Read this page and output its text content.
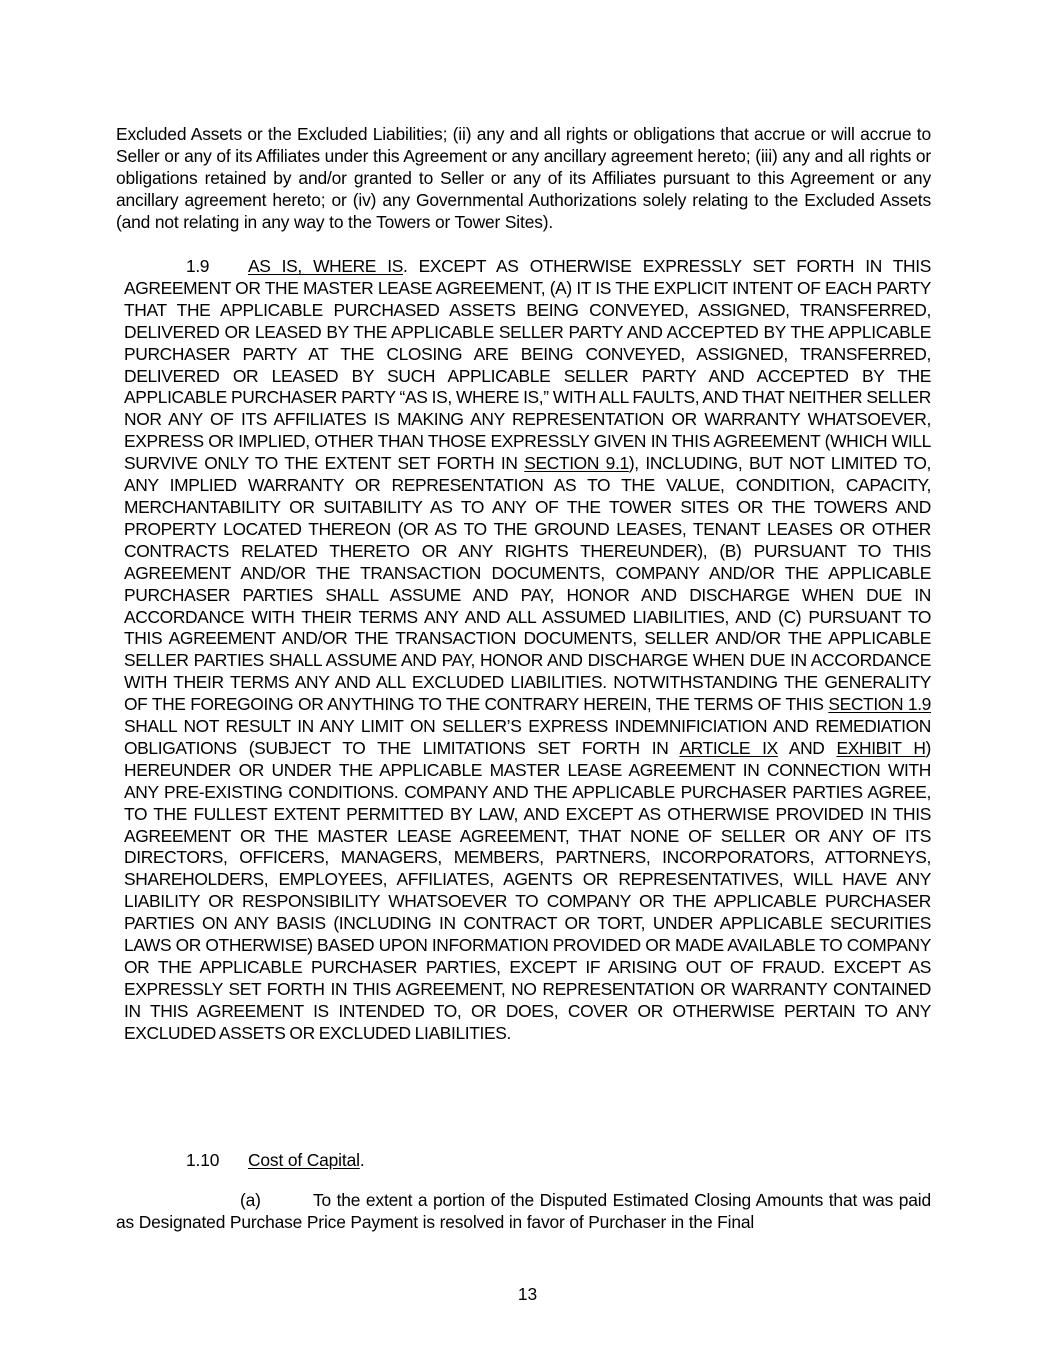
Excluded Assets or the Excluded Liabilities; (ii) any and all rights or obligations that accrue or will accrue to Seller or any of its Affiliates under this Agreement or any ancillary agreement hereto; (iii) any and all rights or obligations retained by and/or granted to Seller or any of its Affiliates pursuant to this Agreement or any ancillary agreement hereto; or (iv) any Governmental Authorizations solely relating to the Excluded Assets (and not relating in any way to the Towers or Tower Sites).

1.9 AS IS, WHERE IS. EXCEPT AS OTHERWISE EXPRESSLY SET FORTH IN THIS AGREEMENT OR THE MASTER LEASE AGREEMENT, (A) IT IS THE EXPLICIT INTENT OF EACH PARTY THAT THE APPLICABLE PURCHASED ASSETS BEING CONVEYED, ASSIGNED, TRANSFERRED, DELIVERED OR LEASED BY THE APPLICABLE SELLER PARTY AND ACCEPTED BY THE APPLICABLE PURCHASER PARTY AT THE CLOSING ARE BEING CONVEYED, ASSIGNED, TRANSFERRED, DELIVERED OR LEASED BY SUCH APPLICABLE SELLER PARTY AND ACCEPTED BY THE APPLICABLE PURCHASER PARTY “AS IS, WHERE IS,” WITH ALL FAULTS, AND THAT NEITHER SELLER NOR ANY OF ITS AFFILIATES IS MAKING ANY REPRESENTATION OR WARRANTY WHATSOEVER, EXPRESS OR IMPLIED, OTHER THAN THOSE EXPRESSLY GIVEN IN THIS AGREEMENT (WHICH WILL SURVIVE ONLY TO THE EXTENT SET FORTH IN SECTION 9.1), INCLUDING, BUT NOT LIMITED TO, ANY IMPLIED WARRANTY OR REPRESENTATION AS TO THE VALUE, CONDITION, CAPACITY, MERCHANTABILITY OR SUITABILITY AS TO ANY OF THE TOWER SITES OR THE TOWERS AND PROPERTY LOCATED THEREON (OR AS TO THE GROUND LEASES, TENANT LEASES OR OTHER CONTRACTS RELATED THERETO OR ANY RIGHTS THEREUNDER), (B) PURSUANT TO THIS AGREEMENT AND/OR THE TRANSACTION DOCUMENTS, COMPANY AND/OR THE APPLICABLE PURCHASER PARTIES SHALL ASSUME AND PAY, HONOR AND DISCHARGE WHEN DUE IN ACCORDANCE WITH THEIR TERMS ANY AND ALL ASSUMED LIABILITIES, AND (C) PURSUANT TO THIS AGREEMENT AND/OR THE TRANSACTION DOCUMENTS, SELLER AND/OR THE APPLICABLE SELLER PARTIES SHALL ASSUME AND PAY, HONOR AND DISCHARGE WHEN DUE IN ACCORDANCE WITH THEIR TERMS ANY AND ALL EXCLUDED LIABILITIES. NOTWITHSTANDING THE GENERALITY OF THE FOREGOING OR ANYTHING TO THE CONTRARY HEREIN, THE TERMS OF THIS SECTION 1.9 SHALL NOT RESULT IN ANY LIMIT ON SELLER’S EXPRESS INDEMNIFICIATION AND REMEDIATION OBLIGATIONS (SUBJECT TO THE LIMITATIONS SET FORTH IN ARTICLE IX AND EXHIBIT H) HEREUNDER OR UNDER THE APPLICABLE MASTER LEASE AGREEMENT IN CONNECTION WITH ANY PRE-EXISTING CONDITIONS. COMPANY AND THE APPLICABLE PURCHASER PARTIES AGREE, TO THE FULLEST EXTENT PERMITTED BY LAW, AND EXCEPT AS OTHERWISE PROVIDED IN THIS AGREEMENT OR THE MASTER LEASE AGREEMENT, THAT NONE OF SELLER OR ANY OF ITS DIRECTORS, OFFICERS, MANAGERS, MEMBERS, PARTNERS, INCORPORATORS, ATTORNEYS, SHAREHOLDERS, EMPLOYEES, AFFILIATES, AGENTS OR REPRESENTATIVES, WILL HAVE ANY LIABILITY OR RESPONSIBILITY WHATSOEVER TO COMPANY OR THE APPLICABLE PURCHASER PARTIES ON ANY BASIS (INCLUDING IN CONTRACT OR TORT, UNDER APPLICABLE SECURITIES LAWS OR OTHERWISE) BASED UPON INFORMATION PROVIDED OR MADE AVAILABLE TO COMPANY OR THE APPLICABLE PURCHASER PARTIES, EXCEPT IF ARISING OUT OF FRAUD. EXCEPT AS EXPRESSLY SET FORTH IN THIS AGREEMENT, NO REPRESENTATION OR WARRANTY CONTAINED IN THIS AGREEMENT IS INTENDED TO, OR DOES, COVER OR OTHERWISE PERTAIN TO ANY EXCLUDED ASSETS OR EXCLUDED LIABILITIES.

1.10 Cost of Capital.

(a)	To the extent a portion of the Disputed Estimated Closing Amounts that was paid as Designated Purchase Price Payment is resolved in favor of Purchaser in the Final

13
